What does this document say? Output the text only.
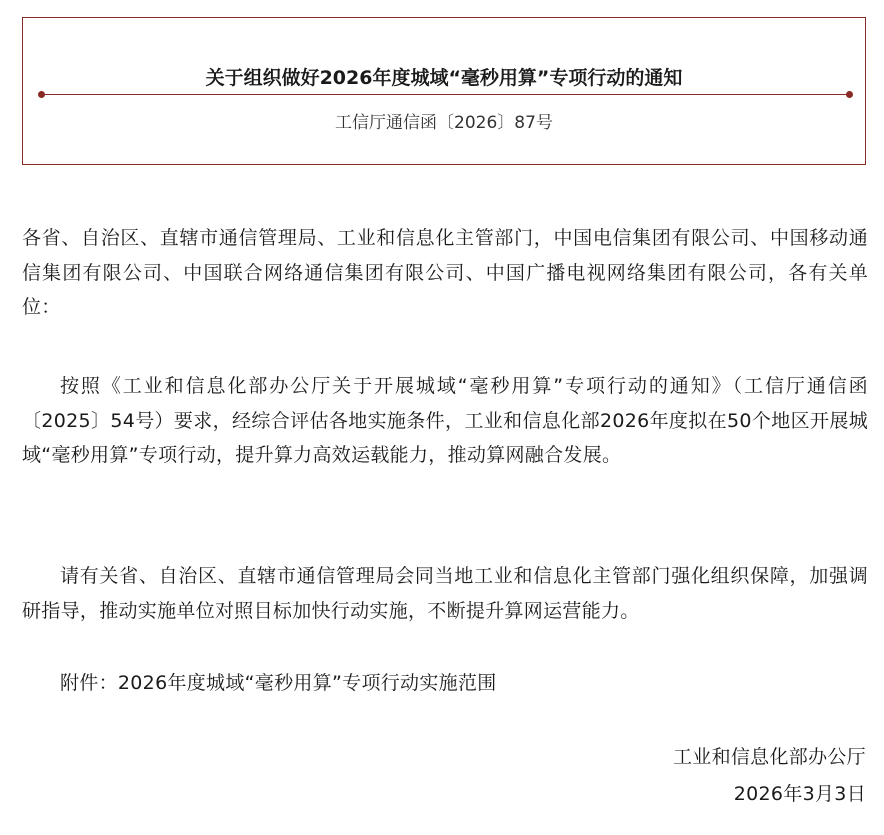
关于组织做好2026年度城域“毫秒用算”专项行动的通知
工信厅通信函〔2026〕87号

各省、自治区、直辖市通信管理局、工业和信息化主管部门，中国电信集团有限公司、中国移动通信集团有限公司、中国联合网络通信集团有限公司、中国广播电视网络集团有限公司，各有关单位：

按照《工业和信息化部办公厅关于开展城域“毫秒用算”专项行动的通知》（工信厅通信函〔2025〕54号）要求，经综合评估各地实施条件，工业和信息化部2026年度拟在50个地区开展城域“毫秒用算”专项行动，提升算力高效运载能力，推动算网融合发展。

请有关省、自治区、直辖市通信管理局会同当地工业和信息化主管部门强化组织保障，加强调研指导，推动实施单位对照目标加快行动实施，不断提升算网运营能力。

附件：2026年度城域“毫秒用算”专项行动实施范围

工业和信息化部办公厅
2026年3月3日
